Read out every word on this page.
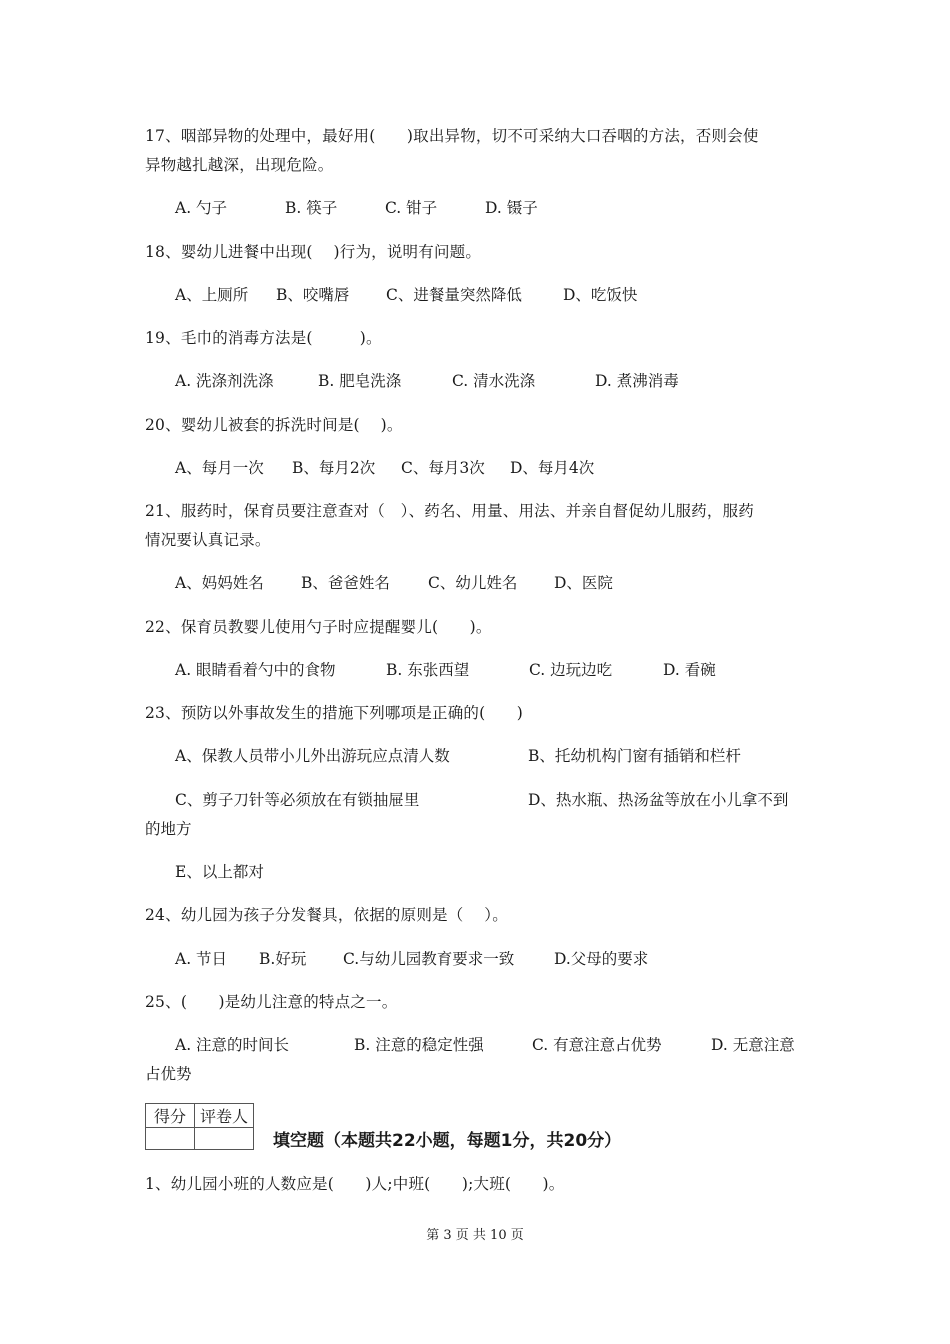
17、咽部异物的处理中，最好用(　　)取出异物，切不可采纳大口吞咽的方法，否则会使
异物越扎越深，出现危险。
A. 勺子	B. 筷子	C. 钳子	D. 镊子
18、婴幼儿进餐中出现(　 )行为，说明有问题。
A、上厕所 B、咬嘴唇 C、进餐量突然降低	D、吃饭快
19、毛巾的消毒方法是(　　　)。
A. 洗涤剂洗涤	B. 肥皂洗涤	C. 清水洗涤	D. 煮沸消毒
20、婴幼儿被套的拆洗时间是(　 )。
A、每月一次 B、每月2次 C、每月3次 D、每月4次
21、服药时，保育员要注意查对（　）、药名、用量、用法、并亲自督促幼儿服药，服药
情况要认真记录。
A、妈妈姓名 B、爸爸姓名 C、幼儿姓名 D、医院
22、保育员教婴儿使用勺子时应提醒婴儿(　　)。
A. 眼睛看着勺中的食物	B. 东张西望	C. 边玩边吃	D. 看碗
23、预防以外事故发生的措施下列哪项是正确的(　　)
A、保教人员带小儿外出游玩应点清人数	B、托幼机构门窗有插销和栏杆
C、剪子刀针等必须放在有锁抽屉里	D、热水瓶、热汤盆等放在小儿拿不到
的地方
E、以上都对
24、幼儿园为孩子分发餐具，依据的原则是（　 ）。
A. 节日 B.好玩 C.与幼儿园教育要求一致	D.父母的要求
25、(　　)是幼儿注意的特点之一。
A. 注意的时间长	B. 注意的稳定性强	C. 有意注意占优势	D. 无意注意
占优势
得分	评卷人

填空题（本题共22小题，每题1分，共20分）
1、幼儿园小班的人数应是(　　)人;中班(　　);大班(　　)。
第 3 页 共 10 页
